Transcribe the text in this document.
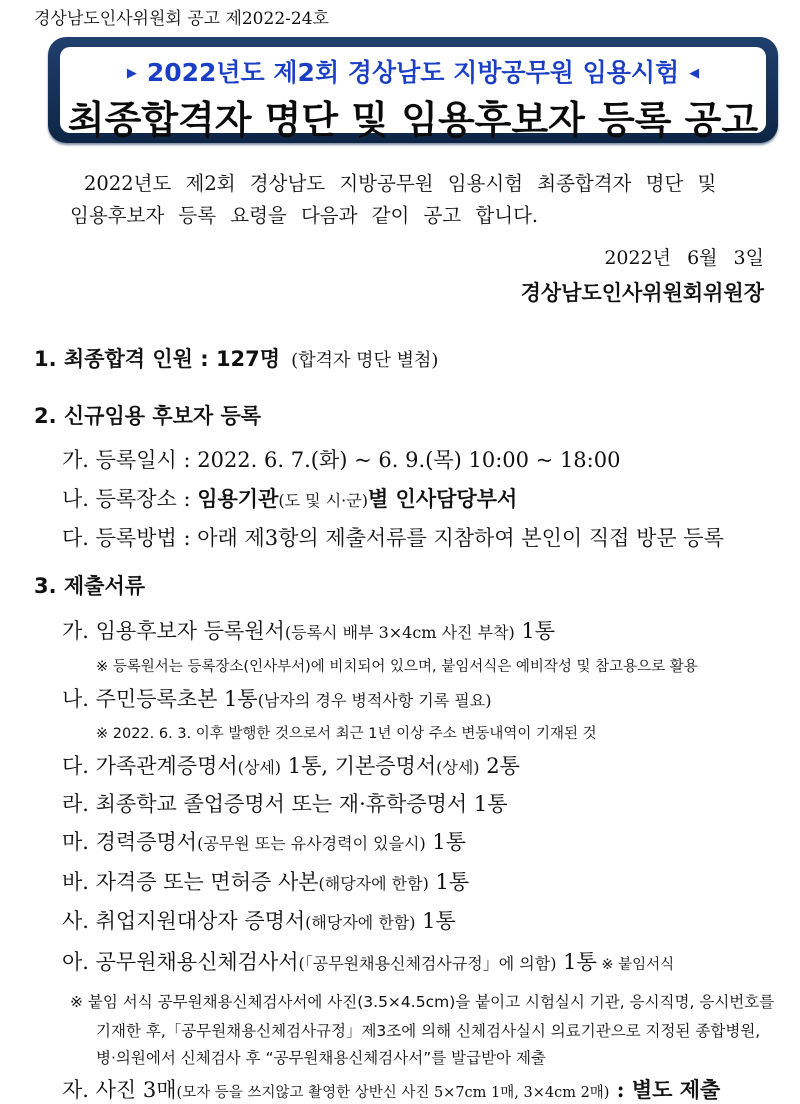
경상남도인사위원회 공고 제2022-24호
▶ 2022년도 제2회 경상남도 지방공무원 임용시험 ◀
최종합격자 명단 및 임용후보자 등록 공고
2022년도 제2회 경상남도 지방공무원 임용시험 최종합격자 명단 및
임용후보자 등록 요령을 다음과 같이 공고 합니다.
2022년 6월 3일
경상남도인사위원회위원장
1. 최종합격 인원 : 127명 (합격자 명단 별첨)
2. 신규임용 후보자 등록
가. 등록일시 : 2022. 6. 7.(화) ~ 6. 9.(목) 10:00 ~ 18:00
나. 등록장소 : 임용기관(도 및 시·군)별 인사담당부서
다. 등록방법 : 아래 제3항의 제출서류를 지참하여 본인이 직접 방문 등록
3. 제출서류
가. 임용후보자 등록원서(등록시 배부 3×4cm 사진 부착) 1통
※ 등록원서는 등록장소(인사부서)에 비치되어 있으며, 붙임서식은 예비작성 및 참고용으로 활용
나. 주민등록초본 1통(남자의 경우 병적사항 기록 필요)
※ 2022. 6. 3. 이후 발행한 것으로서 최근 1년 이상 주소 변동내역이 기재된 것
다. 가족관계증명서(상세) 1통, 기본증명서(상세) 2통
라. 최종학교 졸업증명서 또는 재·휴학증명서 1통
마. 경력증명서(공무원 또는 유사경력이 있을시) 1통
바. 자격증 또는 면허증 사본(해당자에 한함) 1통
사. 취업지원대상자 증명서(해당자에 한함) 1통
아. 공무원채용신체검사서(「공무원채용신체검사규정」에 의함) 1통 ※ 붙임서식
※ 붙임 서식 공무원채용신체검사서에 사진(3.5×4.5cm)을 붙이고 시험실시 기관, 응시직명, 응시번호를
기재한 후,「공무원채용신체검사규정」제3조에 의해 신체검사실시 의료기관으로 지정된 종합병원,
병·의원에서 신체검사 후 “공무원채용신체검사서”를 발급받아 제출
자. 사진 3매(모자 등을 쓰지않고 촬영한 상반신 사진 5×7cm 1매, 3×4cm 2매) : 별도 제출
